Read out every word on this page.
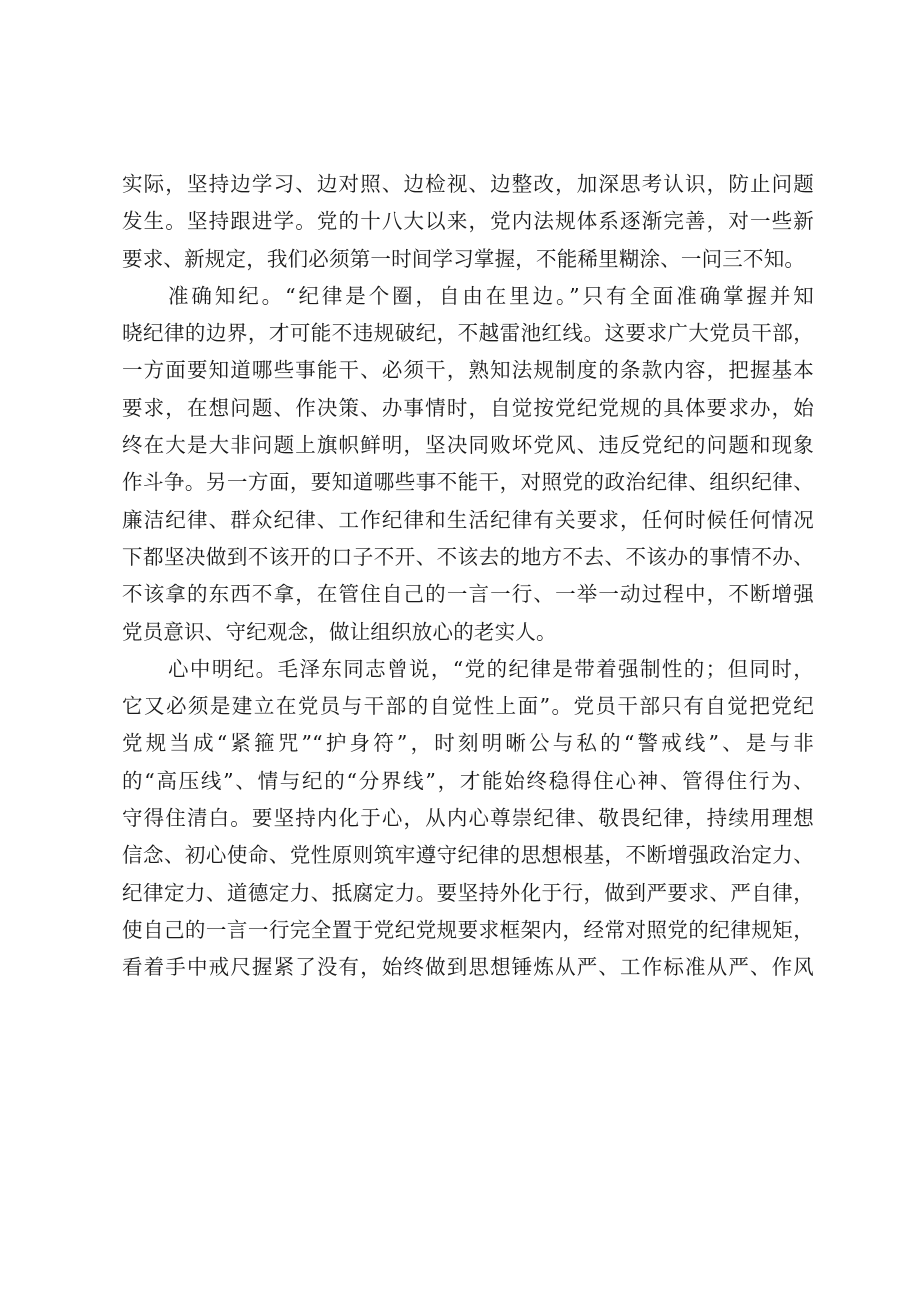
实际，坚持边学习、边对照、边检视、边整改，加深思考认识，防止问题
发生。坚持跟进学。党的十八大以来，党内法规体系逐渐完善，对一些新
要求、新规定，我们必须第一时间学习掌握，不能稀里糊涂、一问三不知。
准确知纪。“纪律是个圈，自由在里边。”只有全面准确掌握并知
晓纪律的边界，才可能不违规破纪，不越雷池红线。这要求广大党员干部，
一方面要知道哪些事能干、必须干，熟知法规制度的条款内容，把握基本
要求，在想问题、作决策、办事情时，自觉按党纪党规的具体要求办，始
终在大是大非问题上旗帜鲜明，坚决同败坏党风、违反党纪的问题和现象
作斗争。另一方面，要知道哪些事不能干，对照党的政治纪律、组织纪律、
廉洁纪律、群众纪律、工作纪律和生活纪律有关要求，任何时候任何情况
下都坚决做到不该开的口子不开、不该去的地方不去、不该办的事情不办、
不该拿的东西不拿，在管住自己的一言一行、一举一动过程中，不断增强
党员意识、守纪观念，做让组织放心的老实人。
心中明纪。毛泽东同志曾说，“党的纪律是带着强制性的；但同时，
它又必须是建立在党员与干部的自觉性上面”。党员干部只有自觉把党纪
党规当成“紧箍咒”“护身符”，时刻明晰公与私的“警戒线”、是与非
的“高压线”、情与纪的“分界线”，才能始终稳得住心神、管得住行为、
守得住清白。要坚持内化于心，从内心尊崇纪律、敬畏纪律，持续用理想
信念、初心使命、党性原则筑牢遵守纪律的思想根基，不断增强政治定力、
纪律定力、道德定力、抵腐定力。要坚持外化于行，做到严要求、严自律，
使自己的一言一行完全置于党纪党规要求框架内，经常对照党的纪律规矩，
看着手中戒尺握紧了没有，始终做到思想锤炼从严、工作标准从严、作风
